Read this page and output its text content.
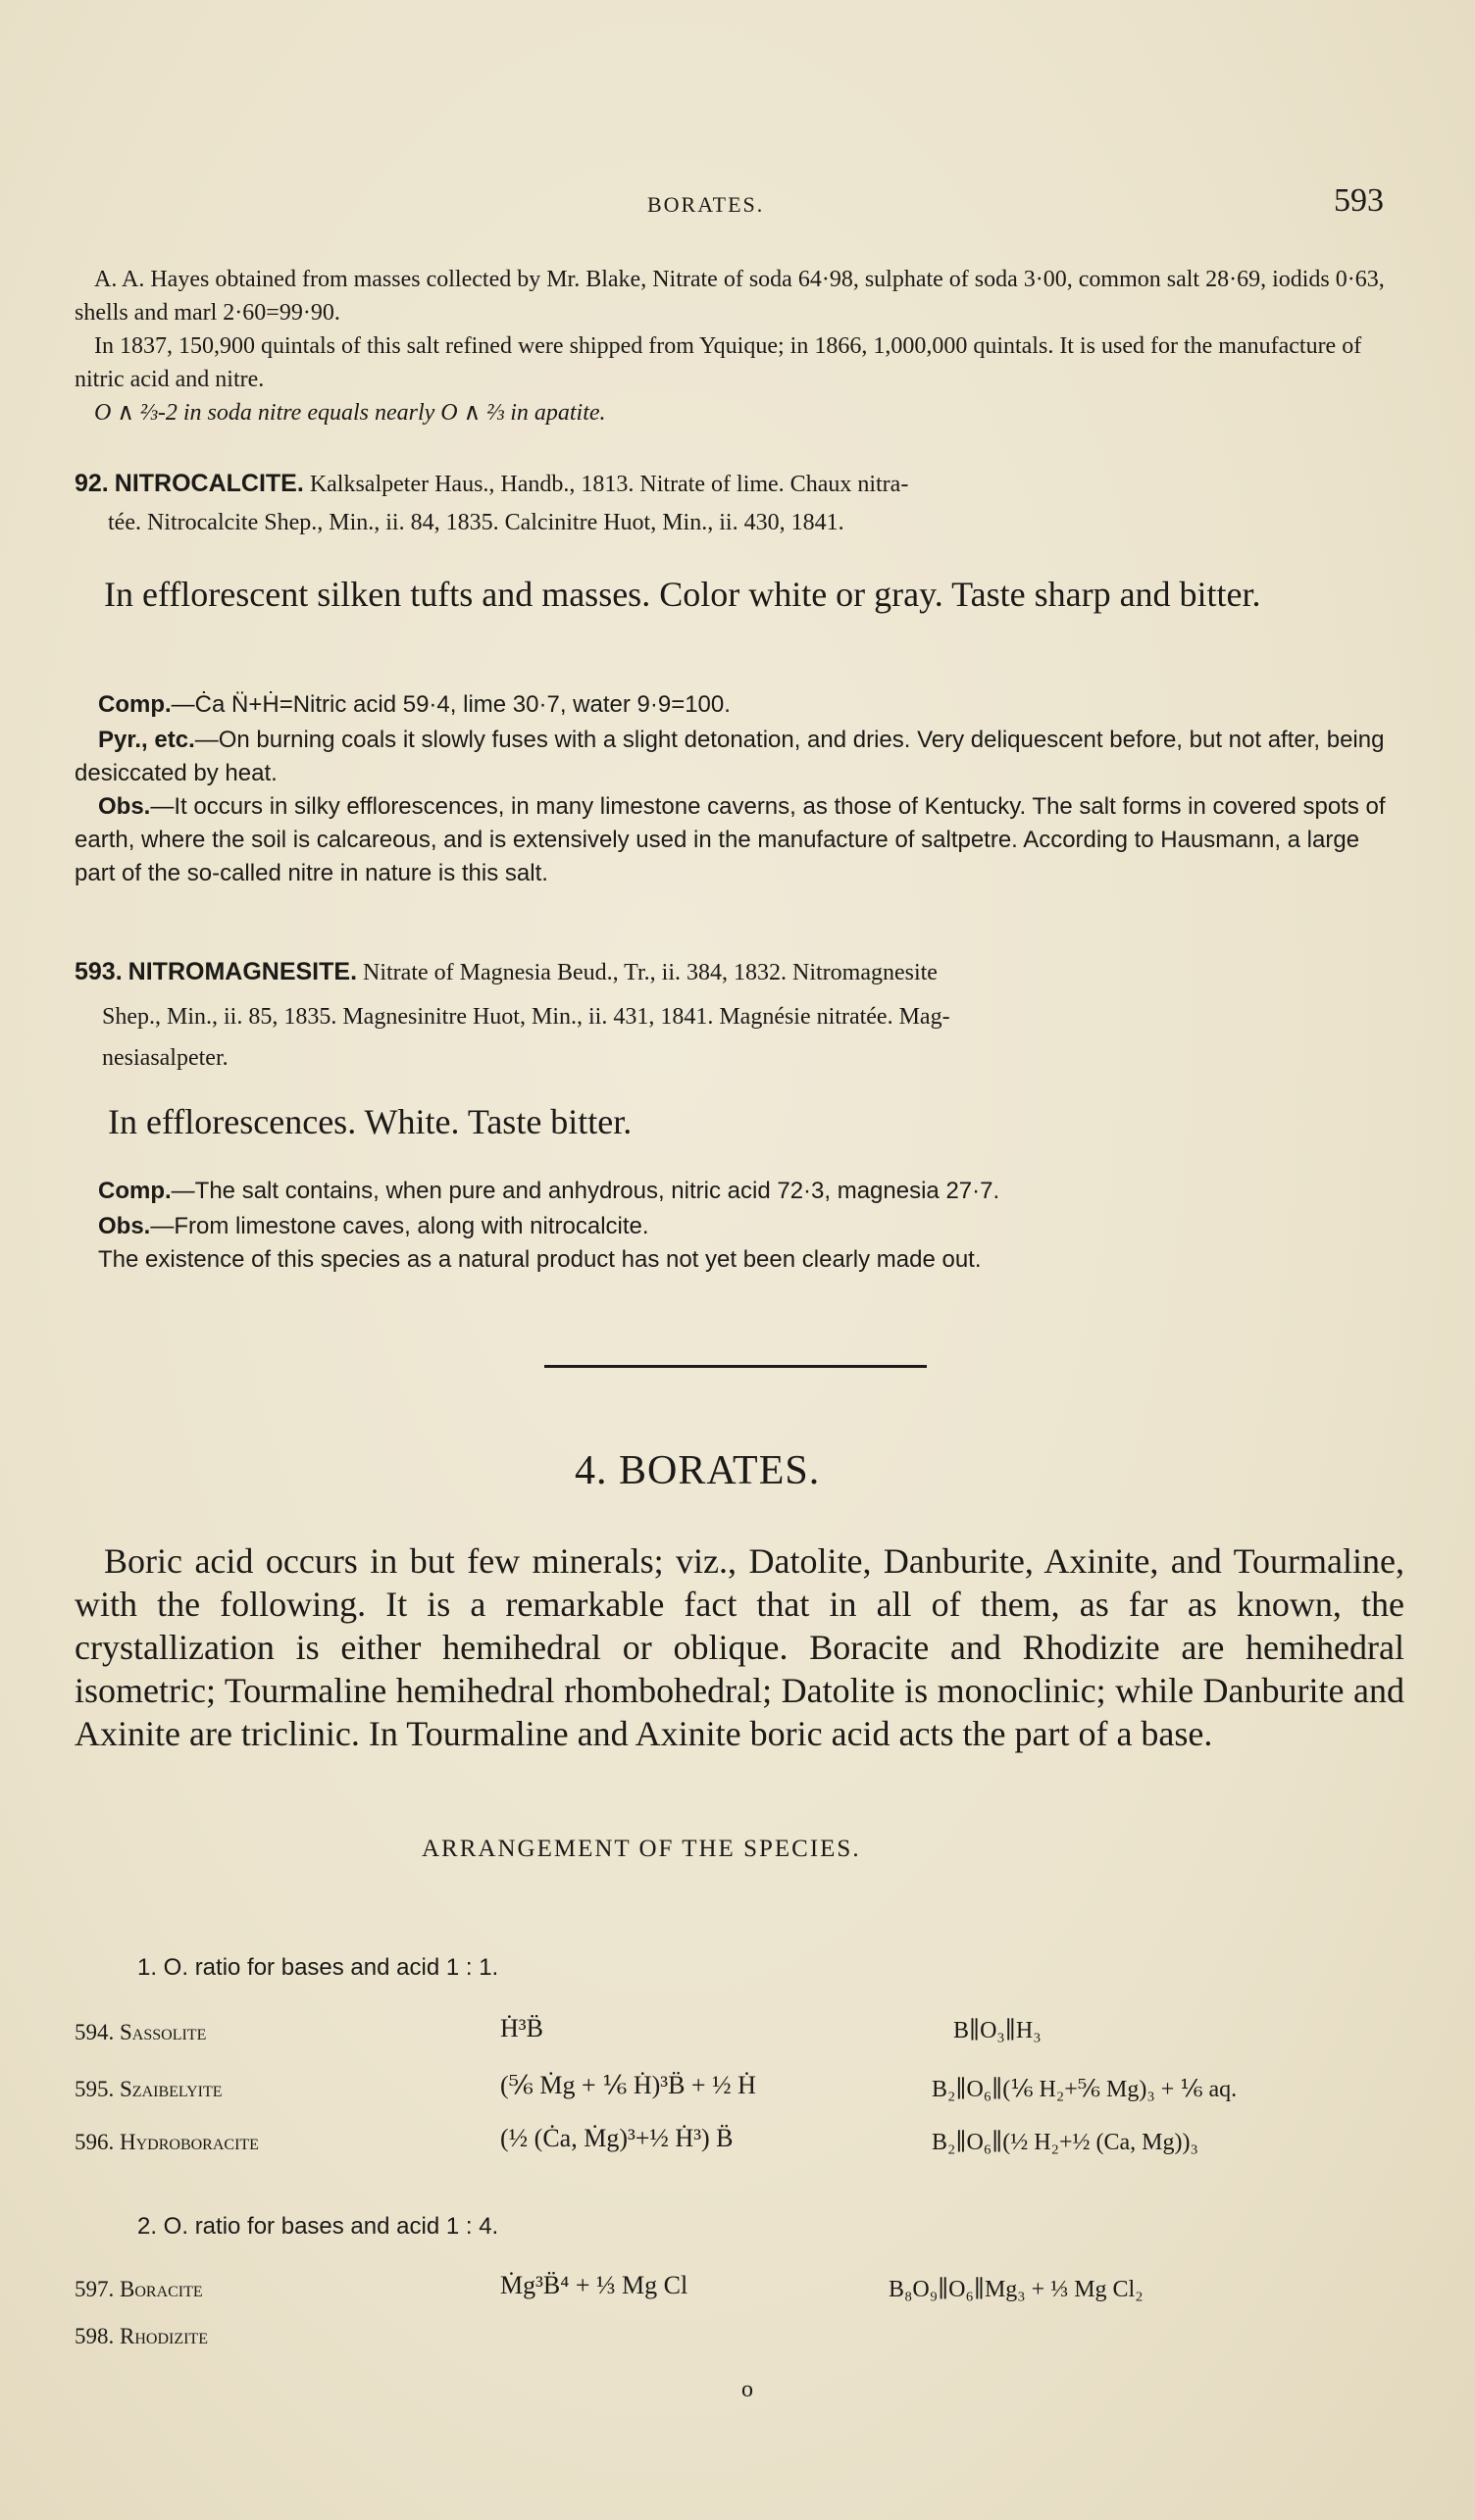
BORATES.	593
A. A. Hayes obtained from masses collected by Mr. Blake, Nitrate of soda 64·98, sulphate of soda 3·00, common salt 28·69, iodids 0·63, shells and marl 2·60=99·90.
In 1837, 150,900 quintals of this salt refined were shipped from Yquique; in 1866, 1,000,000 quintals. It is used for the manufacture of nitric acid and nitre.
O ∧ ⅔-2 in soda nitre equals nearly O ∧ ⅔ in apatite.
92. NITROCALCITE. Kalksalpeter Haus., Handb., 1813. Nitrate of lime. Chaux nitra-
tée. Nitrocalcite Shep., Min., ii. 84, 1835. Calcinitre Huot, Min., ii. 430, 1841.
In efflorescent silken tufts and masses. Color white or gray. Taste sharp and bitter.
Comp.—Ċa N̈+Ḣ=Nitric acid 59·4, lime 30·7, water 9·9=100.
Pyr., etc.—On burning coals it slowly fuses with a slight detonation, and dries. Very deliquescent before, but not after, being desiccated by heat.
Obs.—It occurs in silky efflorescences, in many limestone caverns, as those of Kentucky. The salt forms in covered spots of earth, where the soil is calcareous, and is extensively used in the manufacture of saltpetre. According to Hausmann, a large part of the so-called nitre in nature is this salt.
593. NITROMAGNESITE. Nitrate of Magnesia Beud., Tr., ii. 384, 1832. Nitromagnesite
Shep., Min., ii. 85, 1835. Magnesinitre Huot, Min., ii. 431, 1841. Magnésie nitratée. Mag-
nesiasalpeter.
In efflorescences. White. Taste bitter.
Comp.—The salt contains, when pure and anhydrous, nitric acid 72·3, magnesia 27·7.
Obs.—From limestone caves, along with nitrocalcite.
The existence of this species as a natural product has not yet been clearly made out.
4. BORATES.
Boric acid occurs in but few minerals; viz., Datolite, Danburite, Axinite, and Tourmaline, with the following. It is a remarkable fact that in all of them, as far as known, the crystallization is either hemihedral or oblique. Boracite and Rhodizite are hemihedral isometric; Tourmaline hemihedral rhombohedral; Datolite is monoclinic; while Danburite and Axinite are triclinic. In Tourmaline and Axinite boric acid acts the part of a base.
ARRANGEMENT OF THE SPECIES.
1. O. ratio for bases and acid 1 : 1.
594. Sassolite	Ḣ³B̈	B∥O₃∥H₃
595. Szaibelyite	(⅚ Ṁg + ⅙ Ḣ)³B̈ + ½ Ḣ	B₂∥O₆∥(⅙ H₂+⅚ Mg)₃ + ⅙ aq.
596. Hydroboracite	(½ (Ċa, Ṁg)³+½ Ḣ³) B̈	B₂∥O₆∥(½ H₂+½ (Ca, Mg))₃
2. O. ratio for bases and acid 1 : 4.
597. Boracite	Ṁg³B̈⁴ + ⅓ Mg Cl	B₈O₉∥O₆∥Mg₃ + ⅓ Mg Cl₂
598. Rhodizite
o
